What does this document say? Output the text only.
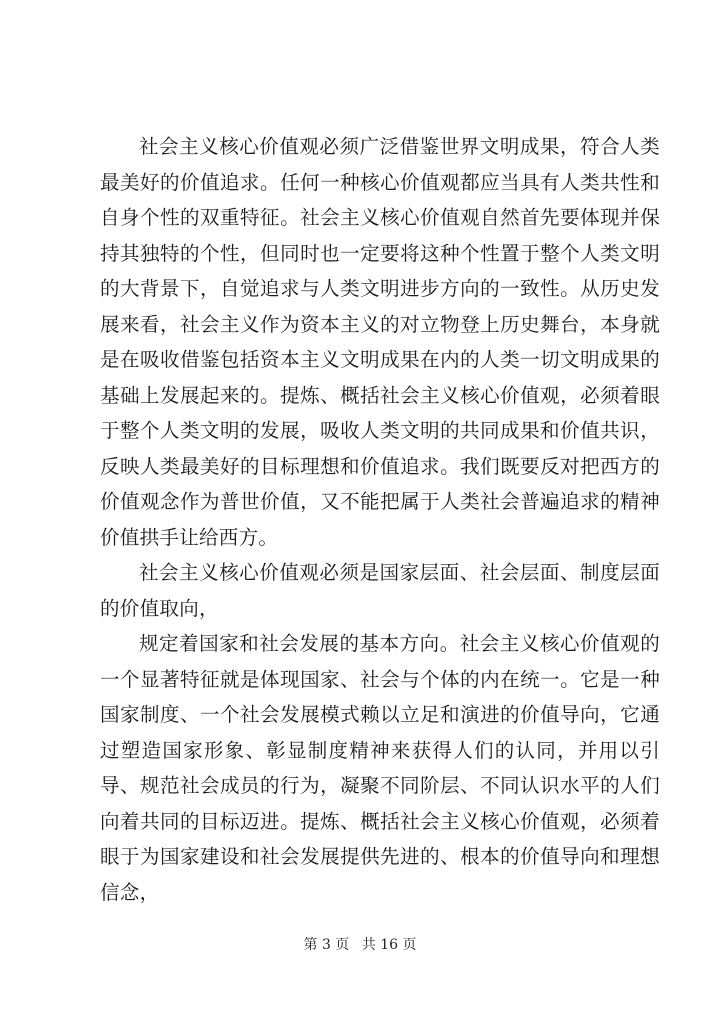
社会主义核心价值观必须广泛借鉴世界文明成果，符合人类最美好的价值追求。任何一种核心价值观都应当具有人类共性和自身个性的双重特征。社会主义核心价值观自然首先要体现并保持其独特的个性，但同时也一定要将这种个性置于整个人类文明的大背景下，自觉追求与人类文明进步方向的一致性。从历史发展来看，社会主义作为资本主义的对立物登上历史舞台，本身就是在吸收借鉴包括资本主义文明成果在内的人类一切文明成果的基础上发展起来的。提炼、概括社会主义核心价值观，必须着眼于整个人类文明的发展，吸收人类文明的共同成果和价值共识，反映人类最美好的目标理想和价值追求。我们既要反对把西方的价值观念作为普世价值，又不能把属于人类社会普遍追求的精神价值拱手让给西方。

社会主义核心价值观必须是国家层面、社会层面、制度层面的价值取向，

规定着国家和社会发展的基本方向。社会主义核心价值观的一个显著特征就是体现国家、社会与个体的内在统一。它是一种国家制度、一个社会发展模式赖以立足和演进的价值导向，它通过塑造国家形象、彰显制度精神来获得人们的认同，并用以引导、规范社会成员的行为，凝聚不同阶层、不同认识水平的人们向着共同的目标迈进。提炼、概括社会主义核心价值观，必须着眼于为国家建设和社会发展提供先进的、根本的价值导向和理想信念，

第 3 页 共 16 页
